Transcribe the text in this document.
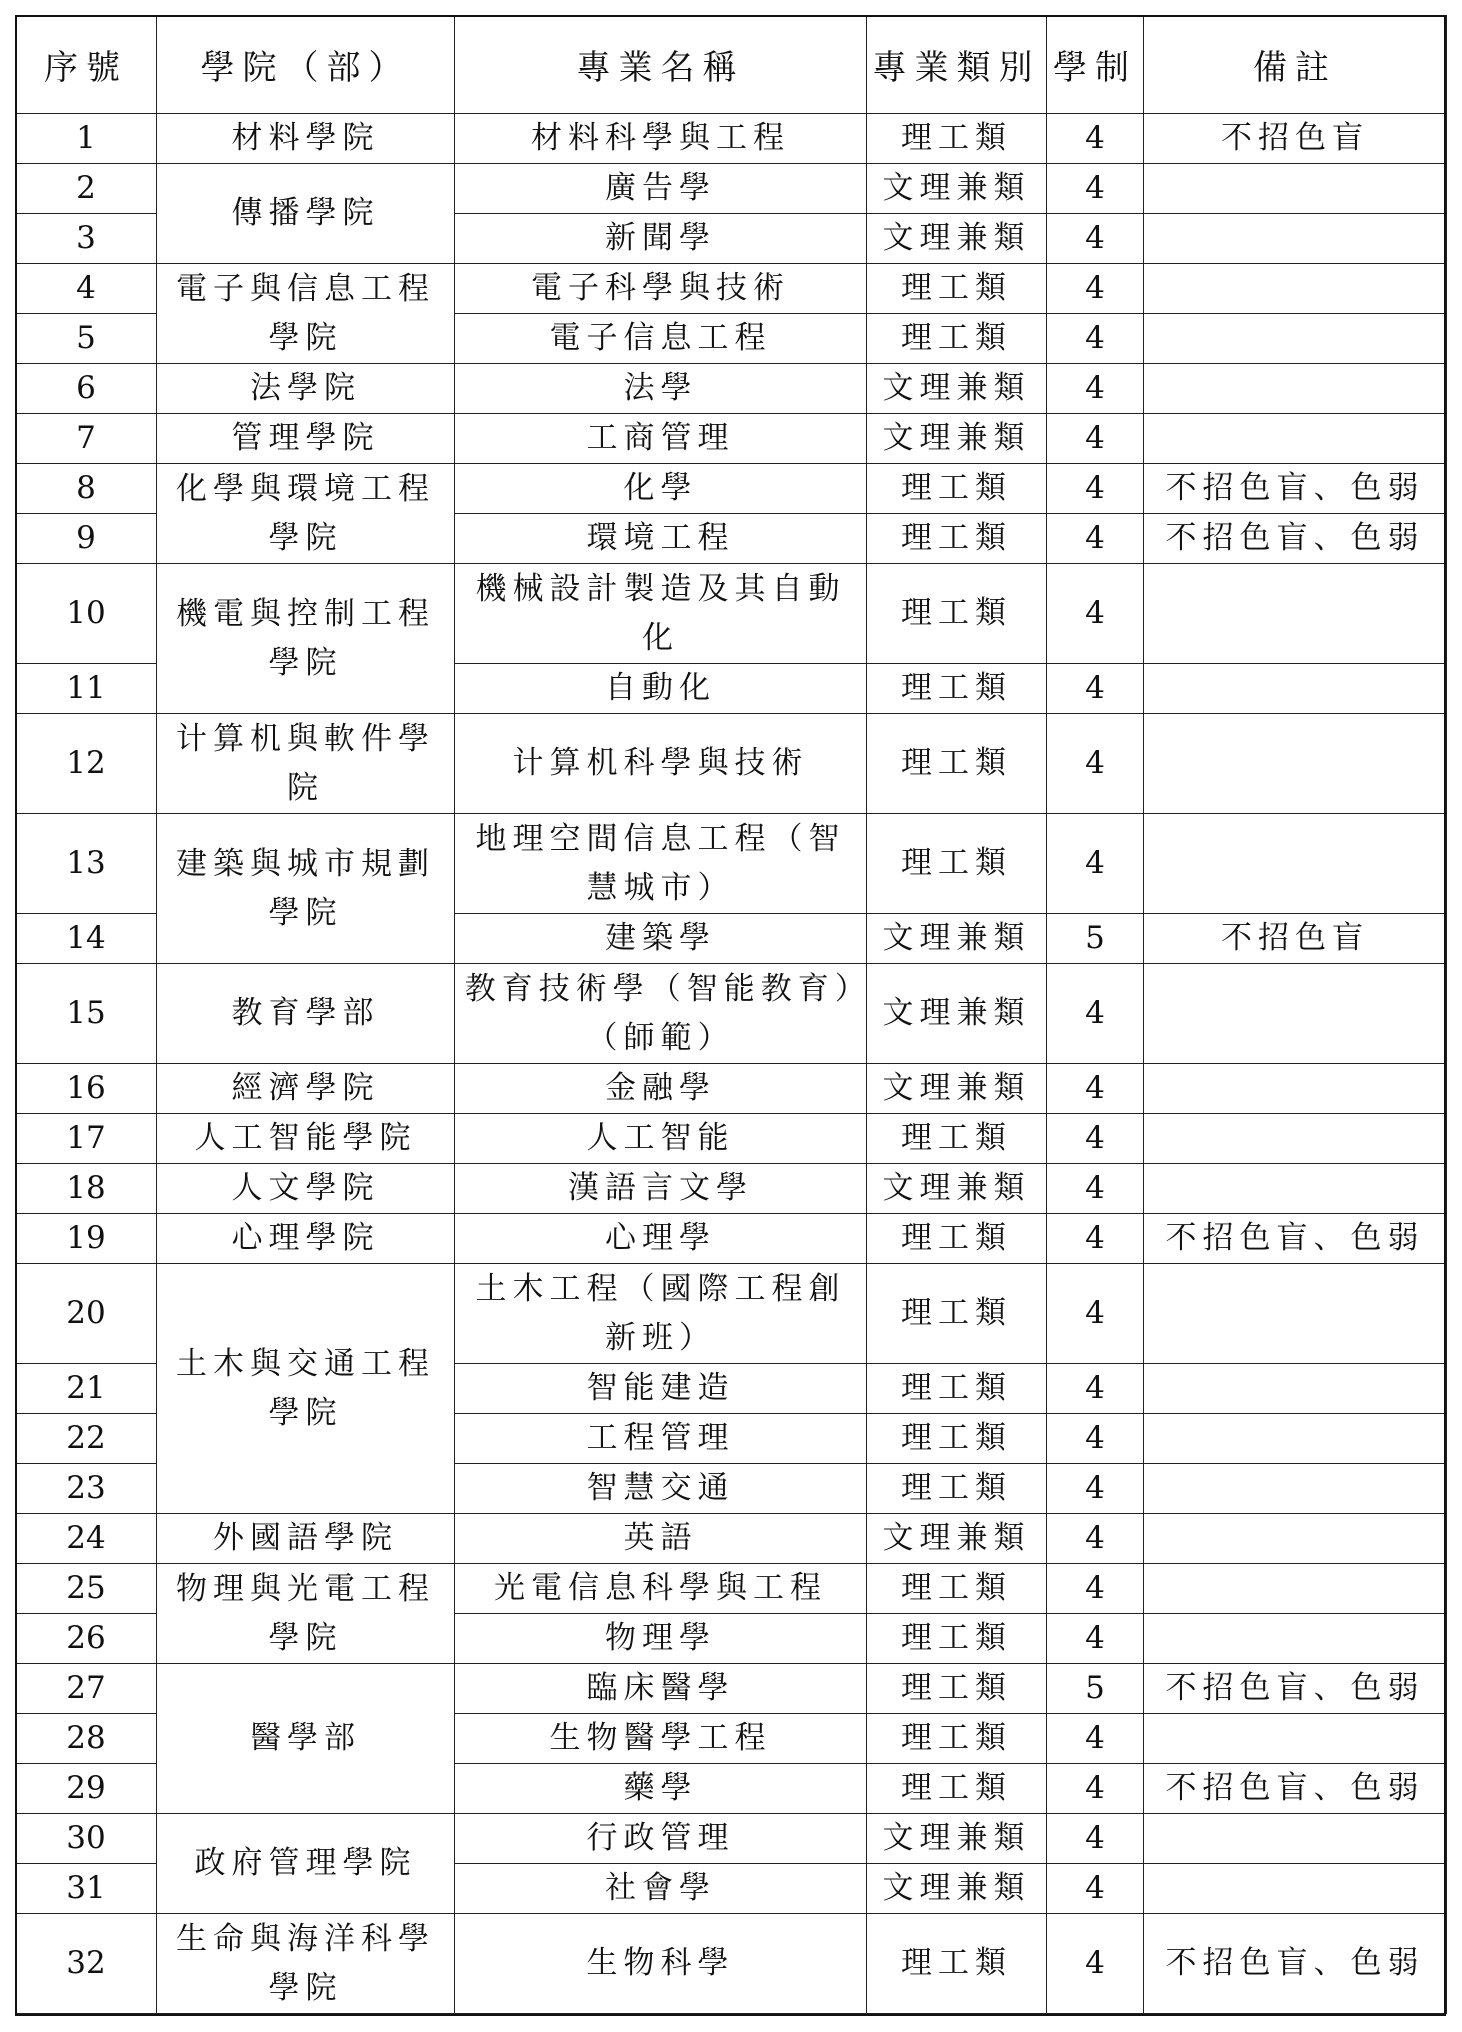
序號	學院（部）	專業名稱	專業類別	學制	備註
1	材料學院	材料科學與工程	理工類	4	不招色盲
2	傳播學院	廣告學	文理兼類	4	
3		新聞學	文理兼類	4	
4	電子與信息工程學院	電子科學與技術	理工類	4	
5		電子信息工程	理工類	4	
6	法學院	法學	文理兼類	4	
7	管理學院	工商管理	文理兼類	4	
8	化學與環境工程學院	化學	理工類	4	不招色盲、色弱
9		環境工程	理工類	4	不招色盲、色弱
10	機電與控制工程學院	機械設計製造及其自動化	理工類	4	
11		自動化	理工類	4	
12	计算机與軟件學院	计算机科學與技術	理工類	4	
13	建築與城市規劃學院	地理空間信息工程（智慧城市）	理工類	4	
14		建築學	文理兼類	5	不招色盲
15	教育學部	教育技術學（智能教育）（師範）	文理兼類	4	
16	經濟學院	金融學	文理兼類	4	
17	人工智能學院	人工智能	理工類	4	
18	人文學院	漢語言文學	文理兼類	4	
19	心理學院	心理學	理工類	4	不招色盲、色弱
20	土木與交通工程學院	土木工程（國際工程創新班）	理工類	4	
21		智能建造	理工類	4	
22		工程管理	理工類	4	
23		智慧交通	理工類	4	
24	外國語學院	英語	文理兼類	4	
25	物理與光電工程學院	光電信息科學與工程	理工類	4	
26		物理學	理工類	4	
27	醫學部	臨床醫學	理工類	5	不招色盲、色弱
28		生物醫學工程	理工類	4	
29		藥學	理工類	4	不招色盲、色弱
30	政府管理學院	行政管理	文理兼類	4	
31		社會學	文理兼類	4	
32	生命與海洋科學學院	生物科學	理工類	4	不招色盲、色弱
